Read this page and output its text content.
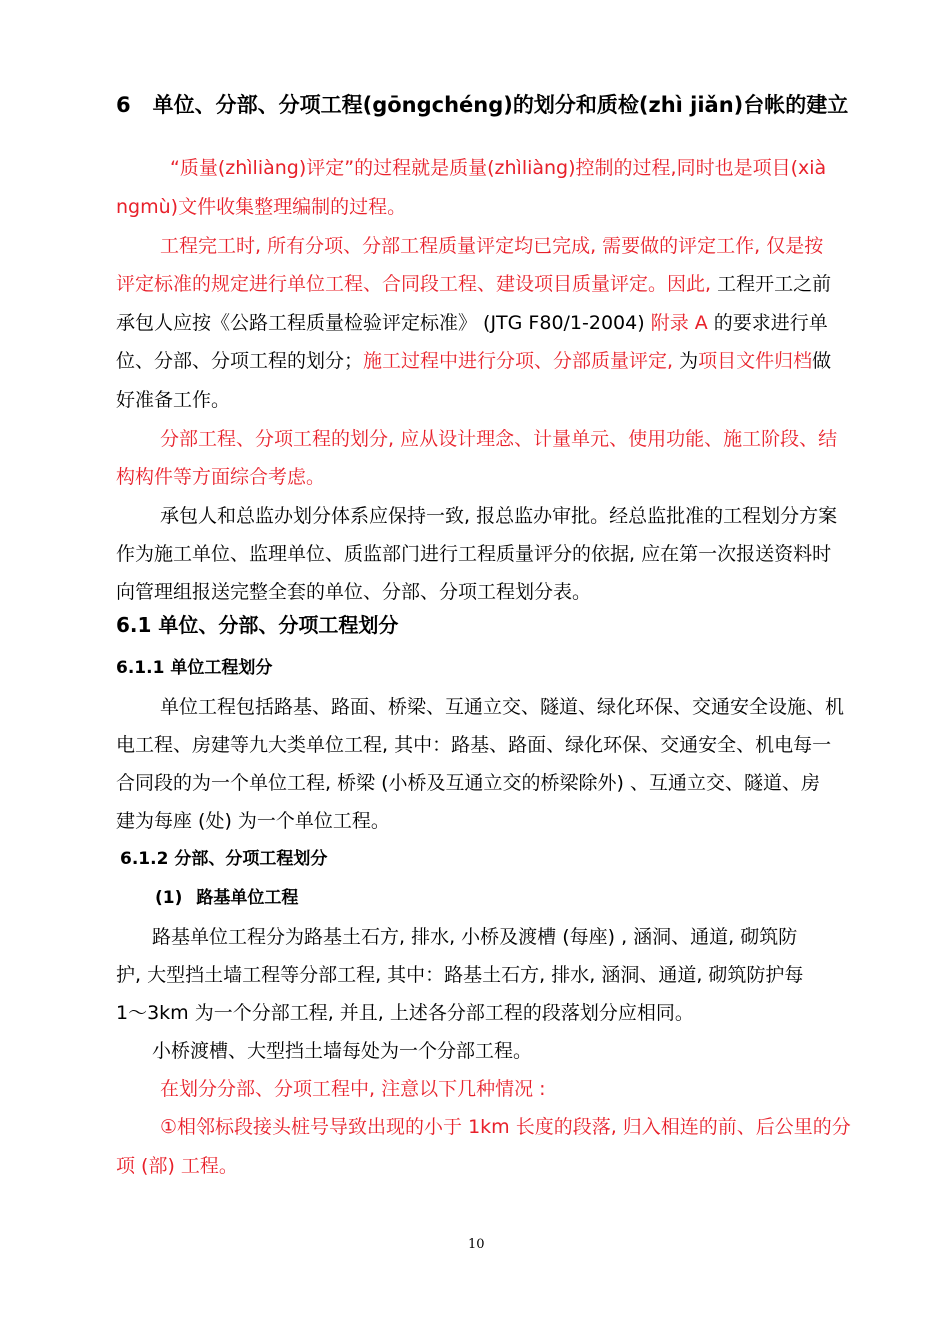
6 单位、分部、分项工程(gōngchéng)的划分和质检(zhì jiǎn)台帐的建立
“质量(zhìliàng)评定”的过程就是质量(zhìliàng)控制的过程,同时也是项目(xià
ngmù)文件收集整理编制的过程。
工程完工时, 所有分项、分部工程质量评定均已完成, 需要做的评定工作, 仅是按
评定标准的规定进行单位工程、合同段工程、建设项目质量评定。因此, 工程开工之前
承包人应按《公路工程质量检验评定标准》 (JTG F80/1-2004) 附录 A 的要求进行单
位、分部、分项工程的划分；施工过程中进行分项、分部质量评定, 为项目文件归档做
好准备工作。
分部工程、分项工程的划分, 应从设计理念、计量单元、使用功能、施工阶段、结
构构件等方面综合考虑。
承包人和总监办划分体系应保持一致, 报总监办审批。经总监批准的工程划分方案
作为施工单位、监理单位、质监部门进行工程质量评分的依据, 应在第一次报送资料时
向管理组报送完整全套的单位、分部、分项工程划分表。
6.1 单位、分部、分项工程划分
6.1.1 单位工程划分
单位工程包括路基、路面、桥梁、互通立交、隧道、绿化环保、交通安全设施、机
电工程、房建等九大类单位工程, 其中：路基、路面、绿化环保、交通安全、机电每一
合同段的为一个单位工程, 桥梁 (小桥及互通立交的桥梁除外) 、互通立交、隧道、房
建为每座 (处) 为一个单位工程。
6.1.2 分部、分项工程划分
(1) 路基单位工程
路基单位工程分为路基土石方, 排水, 小桥及渡槽 (每座) , 涵洞、通道, 砌筑防
护, 大型挡土墙工程等分部工程, 其中：路基土石方, 排水, 涵洞、通道, 砌筑防护每
1～3km 为一个分部工程, 并且, 上述各分部工程的段落划分应相同。
小桥渡槽、大型挡土墙每处为一个分部工程。
在划分分部、分项工程中, 注意以下几种情况 :
①相邻标段接头桩号导致出现的小于 1km 长度的段落, 归入相连的前、后公里的分
项 (部) 工程。
10
